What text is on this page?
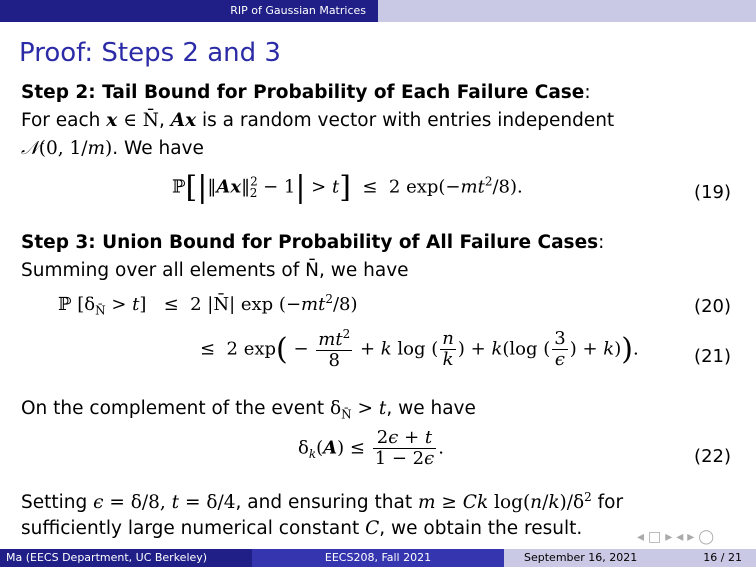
RIP of Gaussian Matrices
Proof: Steps 2 and 3
Step 2: Tail Bound for Probability of Each Failure Case:
For each x ∈ N̄, Ax is a random vector with entries independent
𝒩(0, 1/m). We have
ℙ[|‖Ax‖$^2_2$ − 1| > t]  ≤  2 $\exp(-mt^2/8)$.	(19)
Step 3: Union Bound for Probability of All Failure Cases:
Summing over all elements of N̄, we have
ℙ $[\delta_{N̄} > t] \le 2$ |N̄| $\exp (-mt^2/8)$	(20)
≤  2 $\exp( - \frac{mt^2}{8} + k$ log ( $\frac{n}{k}$ ) + k(log ( $\frac{3}{\epsilon}$ ) + k)).	(21)
On the complement of the event $\delta_{N̄} > t$, we have
$\delta_k(A) \le \frac{2\epsilon + t}{1 - 2\epsilon}$ .	(22)
Setting ϵ = δ/8, t = δ/4, and ensuring that m ≥ Ck $\log(n/k)/\delta^2$ for
sufficiently large numerical constant C, we obtain the result.	◂□▸◂▸◯
Ma (EECS Department, UC Berkeley)	EECS208, Fall 2021	September 16, 2021	16 / 21
